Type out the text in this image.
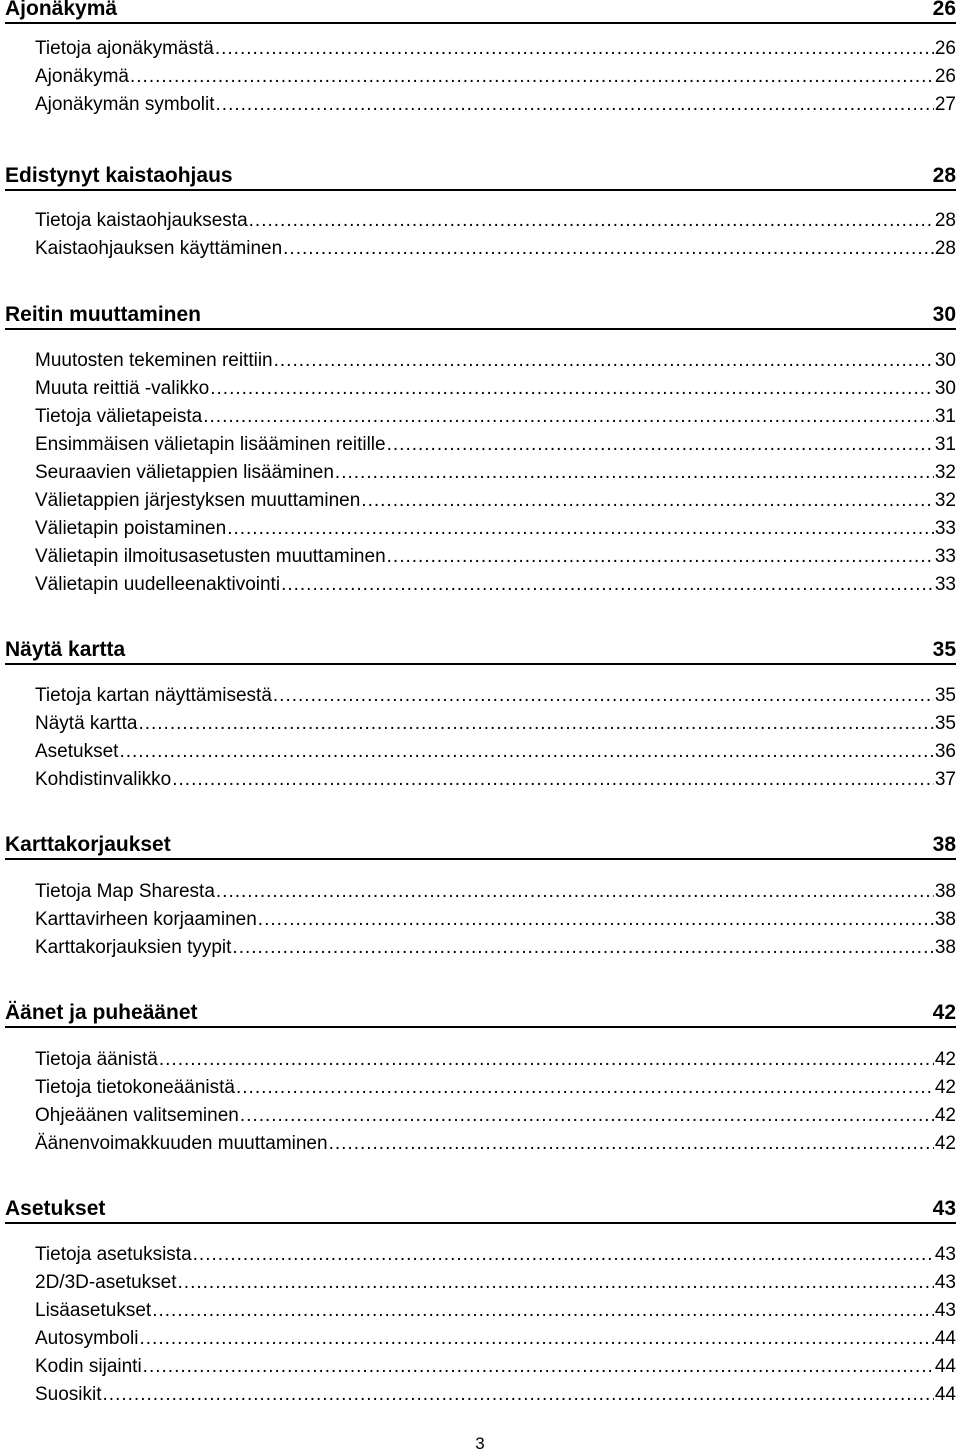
Ajonäkymä	26
Tietoja ajonäkymästä .....	26
Ajonäkymä .....	26
Ajonäkymän symbolit .....	27
Edistynyt kaistaohjaus	28
Tietoja kaistaohjauksesta .....	28
Kaistaohjauksen käyttäminen .....	28
Reitin muuttaminen	30
Muutosten tekeminen reittiin .....	30
Muuta reittiä -valikko .....	30
Tietoja välietapeista .....	31
Ensimmäisen välietapin lisääminen reitille .....	31
Seuraavien välietappien lisääminen .....	32
Välietappien järjestyksen muuttaminen .....	32
Välietapin poistaminen .....	33
Välietapin ilmoitusasetusten muuttaminen .....	33
Välietapin uudelleenaktivointi .....	33
Näytä kartta	35
Tietoja kartan näyttämisestä .....	35
Näytä kartta .....	35
Asetukset .....	36
Kohdistinvalikko .....	37
Karttakorjaukset	38
Tietoja Map Sharesta .....	38
Karttavirheen korjaaminen .....	38
Karttakorjauksien tyypit .....	38
Äänet ja puheäänet	42
Tietoja äänistä .....	42
Tietoja tietokoneäänistä .....	42
Ohjeäänen valitseminen .....	42
Äänenvoimakkuuden muuttaminen .....	42
Asetukset	43
Tietoja asetuksista .....	43
2D/3D-asetukset .....	43
Lisäasetukset .....	43
Autosymboli .....	44
Kodin sijainti .....	44
Suosikit .....	44
3
